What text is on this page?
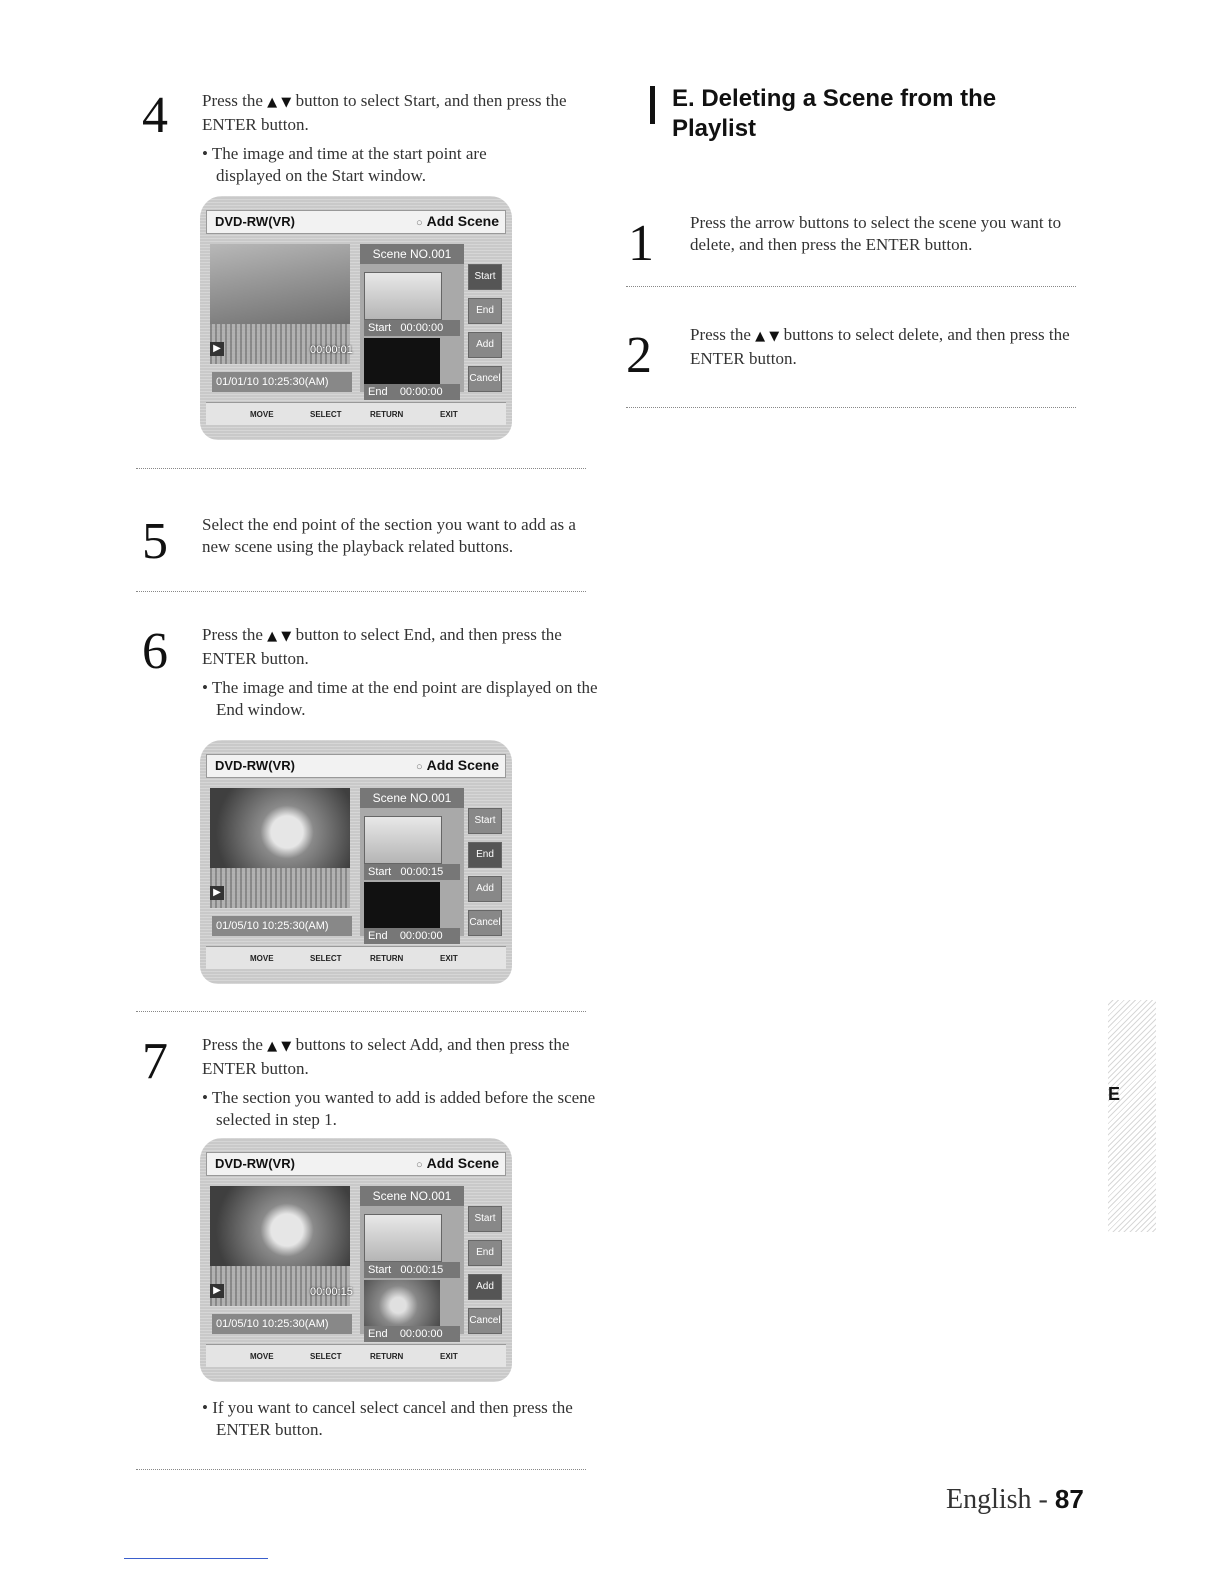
4 Press the ▲ ▼ button to select Start, and then press the ENTER button.
• The image and time at the start point are displayed on the Start window.
DVD-RW(VR)	○ Add Scene
▶	00:00:01
01/01/10 10:25:30(AM)
Scene NO.001
Start 00:00:00
End 00:00:00
Start
End
Add
Cancel
MOVE	SELECT	RETURN	EXIT
5 Select the end point of the section you want to add as a new scene using the playback related buttons.
6 Press the ▲ ▼ button to select End, and then press the ENTER button.
• The image and time at the end point are displayed on the End window.
DVD-RW(VR)	○ Add Scene
▶
01/05/10 10:25:30(AM)
Scene NO.001
Start 00:00:15
End 00:00:00
Start
End
Add
Cancel
MOVE	SELECT	RETURN	EXIT
7 Press the ▲ ▼ buttons to select Add, and then press the ENTER button.
• The section you wanted to add is added before the scene selected in step 1.
DVD-RW(VR)	○ Add Scene
▶	00:00:15
01/05/10 10:25:30(AM)
Scene NO.001
Start 00:00:15
End 00:00:00
Start
End
Add
Cancel
MOVE	SELECT	RETURN	EXIT
• If you want to cancel select cancel and then press the ENTER button.
E. Deleting a Scene from the
Playlist
1 Press the arrow buttons to select the scene you want to delete, and then press the ENTER button.
2 Press the ▲ ▼ buttons to select delete, and then press the ENTER button.
E
English - 87
